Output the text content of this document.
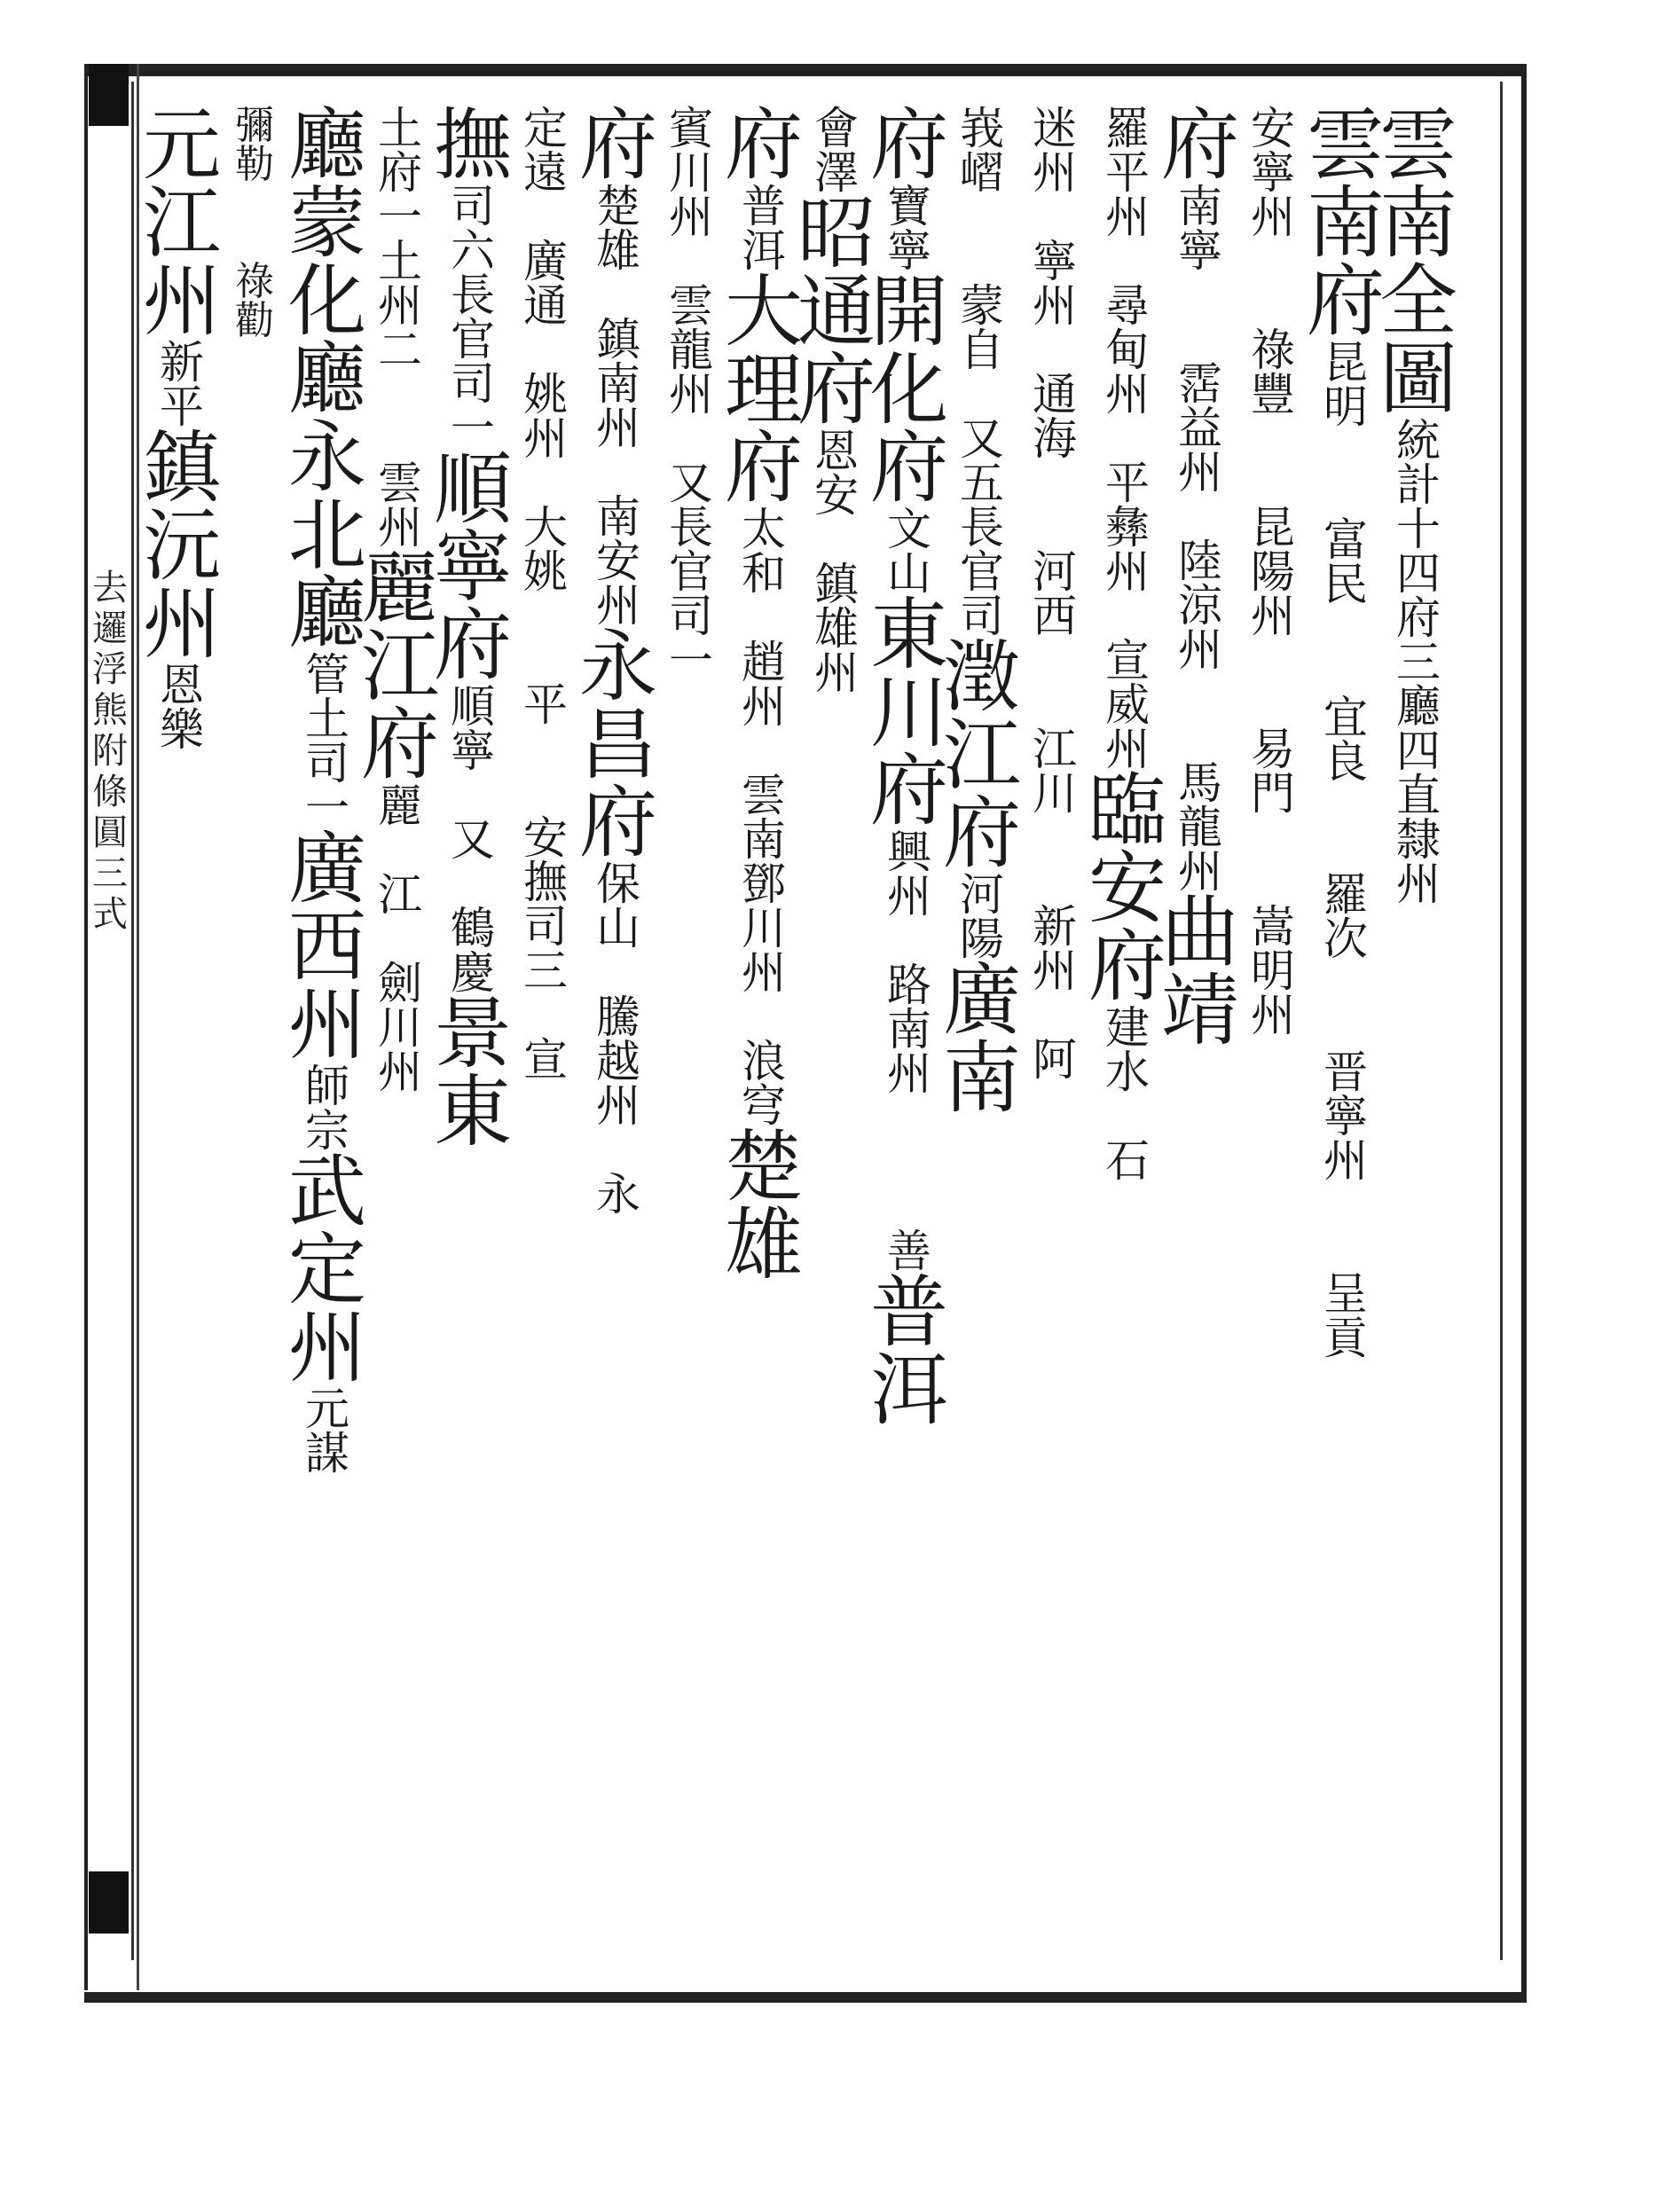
去
邏
浮
熊
附
條
圓
三
式
雲
南
全
圖
統
計
十
四
府
三
廳
四
直
隸
州
雲
南
府
昆
明

富
民

宜
良

羅
次

晋
寧
州

呈
貢
安
寧
州

祿
豐

昆
陽
州

易
門

嵩
明
州
府
南
寧

霑
益
州

陸
涼
州

馬
龍
州
曲
靖
羅
平
州

尋
甸
州

平
彝
州

宣
威
州
臨
安
府
建
水

石
迷
州

寧
州

通
海

河
西

江
川

新
州

阿
峩
嶍

蒙
自

又
五
長
官
司
澂
江
府
河
陽
廣
南
府
寶
寧
開
化
府
文
山
東
川
府
興
州

路
南
州

善
普
洱
會
澤
昭
通
府
恩
安

鎮
雄
州
府
普
洱
大
理
府
太
和

趙
州

雲
南
鄧
川
州

浪
穹
楚
雄
賓
川
州

雲
龍
州

又
長
官
司
一
府
楚
雄

鎮
南
州

南
安
州
永
昌
府
保
山

騰
越
州

永
定
遠

廣
通

姚
州

大
姚

平

安
撫
司
三

宣
撫
司
六
長
官
司
一
順
寧
府
順
寧

又

鶴
慶
景
東
土
府
一
土
州
二

雲
州
麗
江
府
麗

江

劍
川
州
廳
蒙
化
廳
永
北
廳
管
土
司
一
廣
西
州
師
宗
武
定
州
元
謀
彌
勒

祿
勸
元
江
州
新
平
鎮
沅
州
恩
樂
